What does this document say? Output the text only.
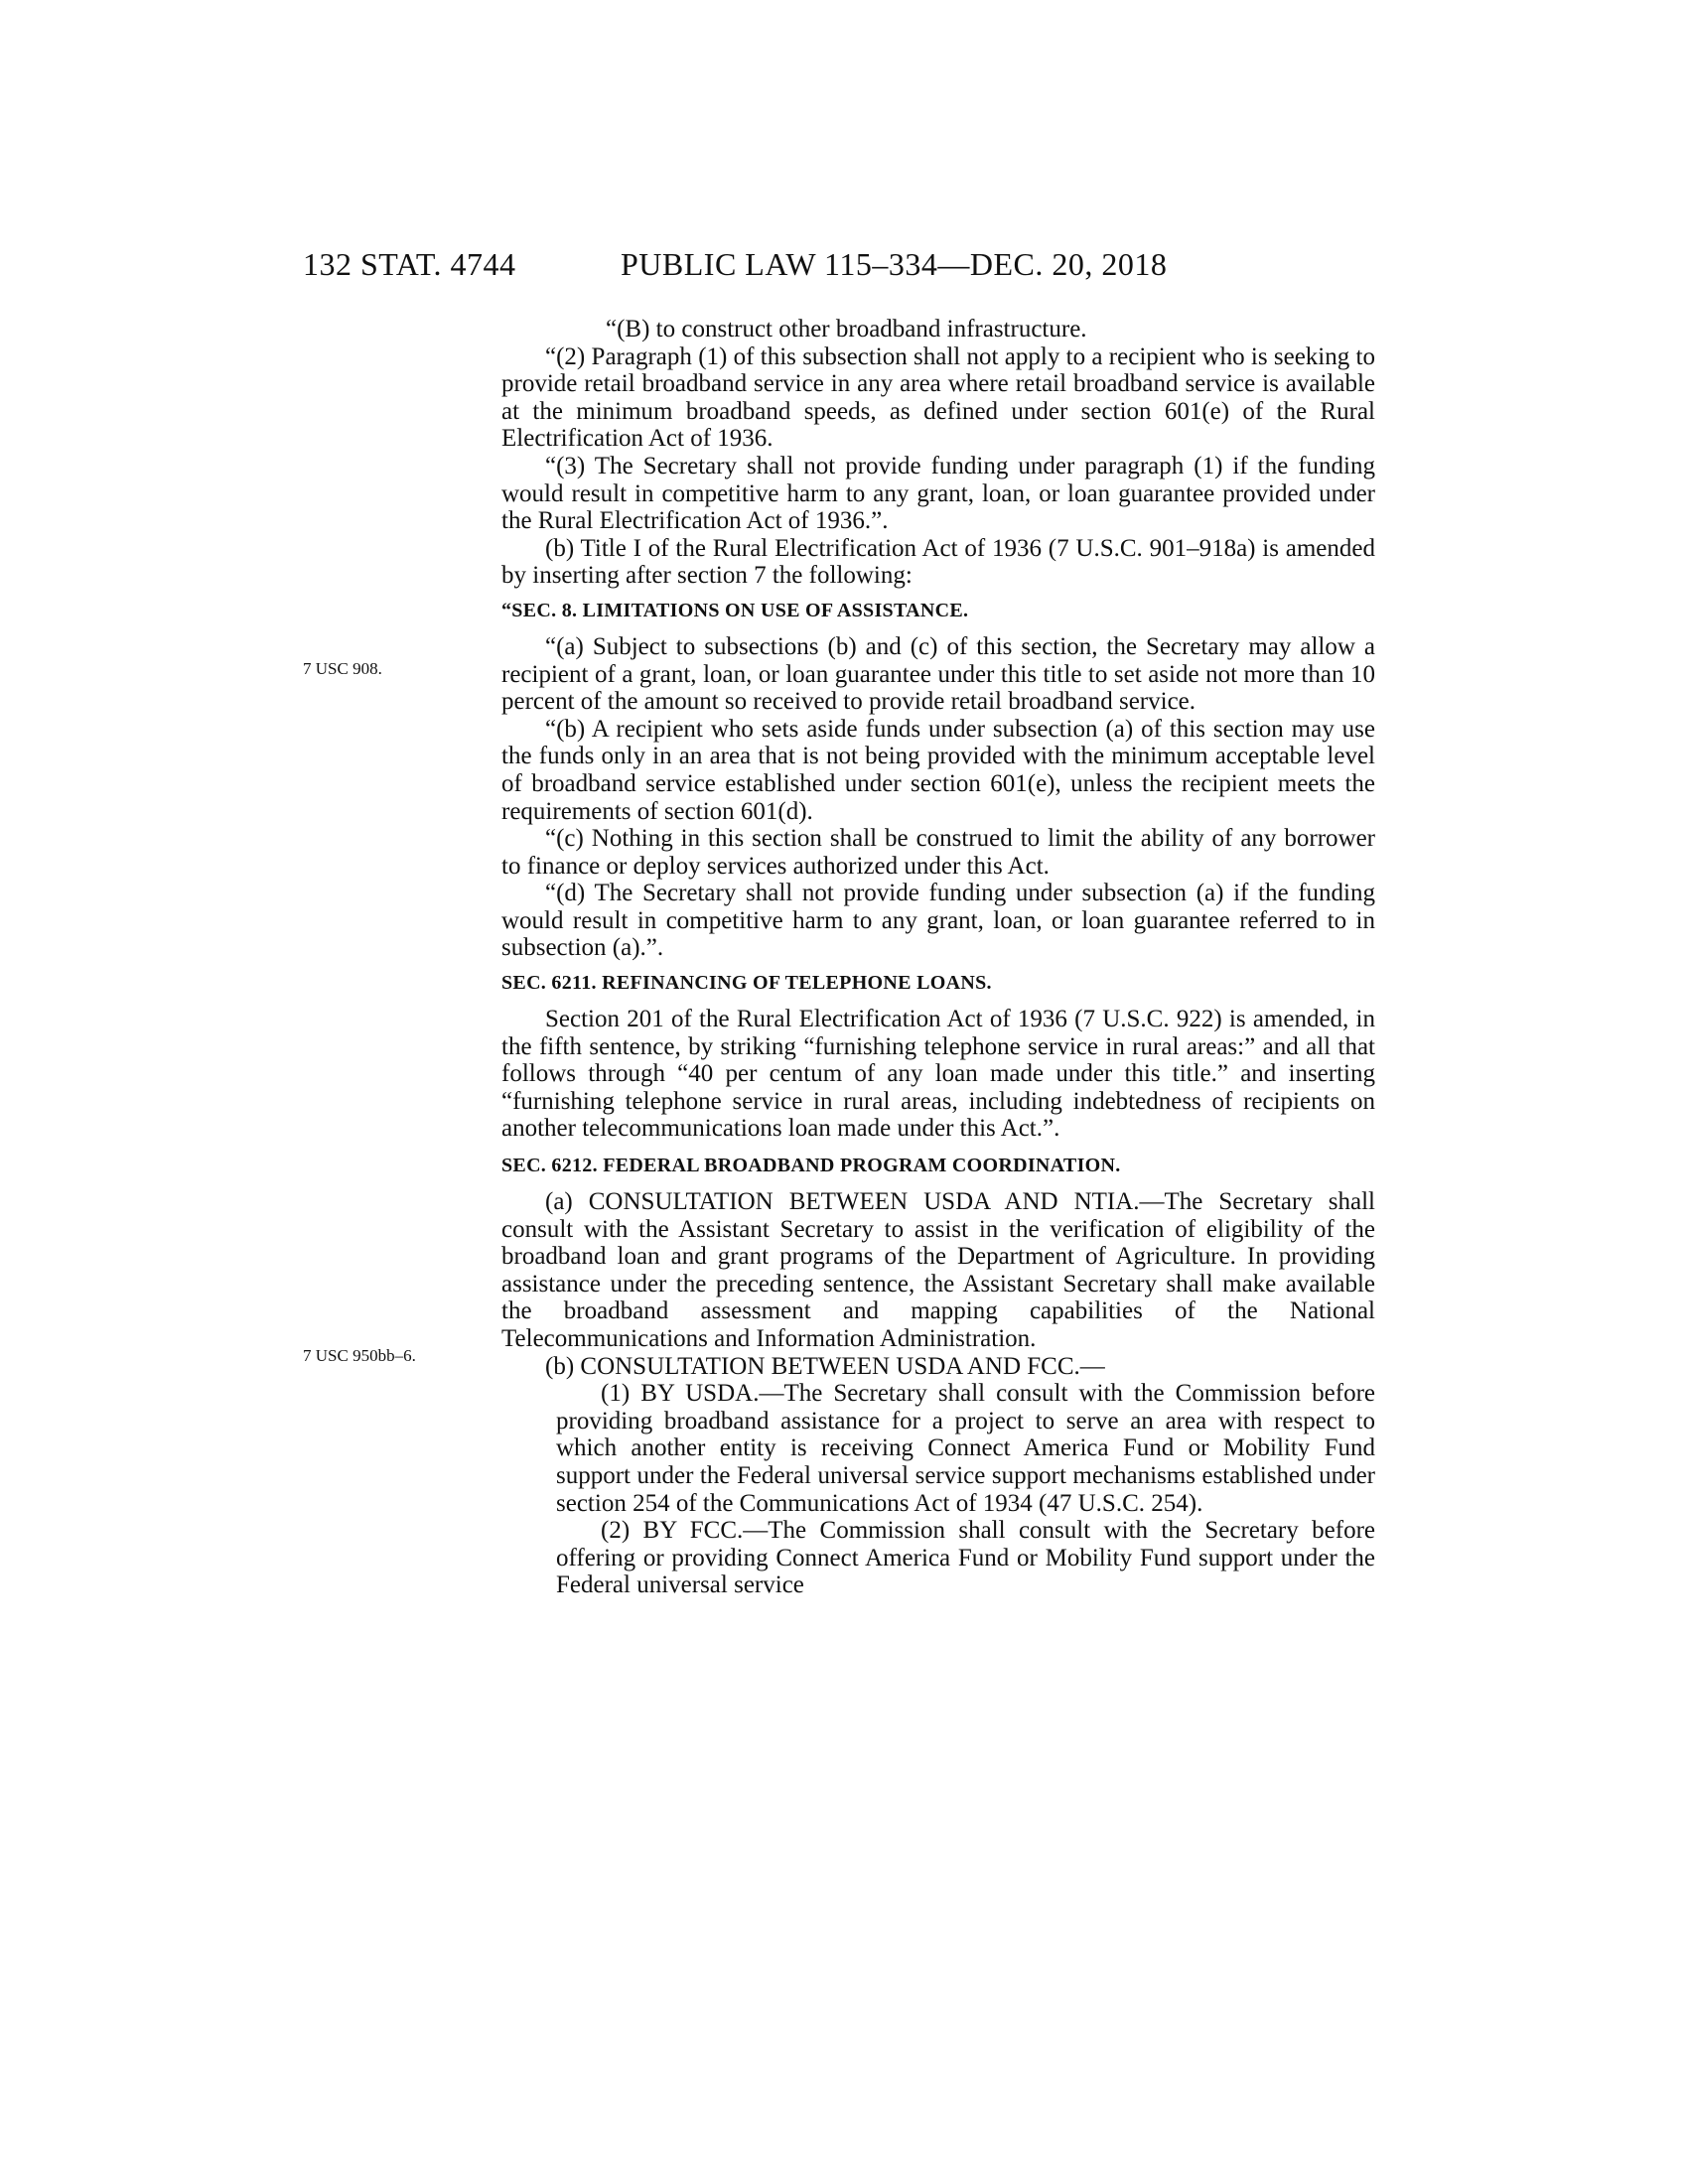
132 STAT. 4744	PUBLIC LAW 115–334—DEC. 20, 2018
7 USC 908.
7 USC 950bb–6.

“(B) to construct other broadband infrastructure.

“(2) Paragraph (1) of this subsection shall not apply to a recipient who is seeking to provide retail broadband service in any area where retail broadband service is available at the minimum broadband speeds, as defined under section 601(e) of the Rural Electrification Act of 1936.

“(3) The Secretary shall not provide funding under paragraph (1) if the funding would result in competitive harm to any grant, loan, or loan guarantee provided under the Rural Electrification Act of 1936.”.

(b) Title I of the Rural Electrification Act of 1936 (7 U.S.C. 901–918a) is amended by inserting after section 7 the following:

“SEC. 8. LIMITATIONS ON USE OF ASSISTANCE.

“(a) Subject to subsections (b) and (c) of this section, the Secretary may allow a recipient of a grant, loan, or loan guarantee under this title to set aside not more than 10 percent of the amount so received to provide retail broadband service.

“(b) A recipient who sets aside funds under subsection (a) of this section may use the funds only in an area that is not being provided with the minimum acceptable level of broadband service established under section 601(e), unless the recipient meets the requirements of section 601(d).

“(c) Nothing in this section shall be construed to limit the ability of any borrower to finance or deploy services authorized under this Act.

“(d) The Secretary shall not provide funding under subsection (a) if the funding would result in competitive harm to any grant, loan, or loan guarantee referred to in subsection (a).”.

SEC. 6211. REFINANCING OF TELEPHONE LOANS.

Section 201 of the Rural Electrification Act of 1936 (7 U.S.C. 922) is amended, in the fifth sentence, by striking “furnishing telephone service in rural areas:” and all that follows through “40 per centum of any loan made under this title.” and inserting “furnishing telephone service in rural areas, including indebtedness of recipients on another telecommunications loan made under this Act.”.

SEC. 6212. FEDERAL BROADBAND PROGRAM COORDINATION.

(a) CONSULTATION BETWEEN USDA AND NTIA.—The Secretary shall consult with the Assistant Secretary to assist in the verification of eligibility of the broadband loan and grant programs of the Department of Agriculture. In providing assistance under the preceding sentence, the Assistant Secretary shall make available the broadband assessment and mapping capabilities of the National Telecommunications and Information Administration.

(b) CONSULTATION BETWEEN USDA AND FCC.—

(1) BY USDA.—The Secretary shall consult with the Commission before providing broadband assistance for a project to serve an area with respect to which another entity is receiving Connect America Fund or Mobility Fund support under the Federal universal service support mechanisms established under section 254 of the Communications Act of 1934 (47 U.S.C. 254).

(2) BY FCC.—The Commission shall consult with the Secretary before offering or providing Connect America Fund or Mobility Fund support under the Federal universal service
